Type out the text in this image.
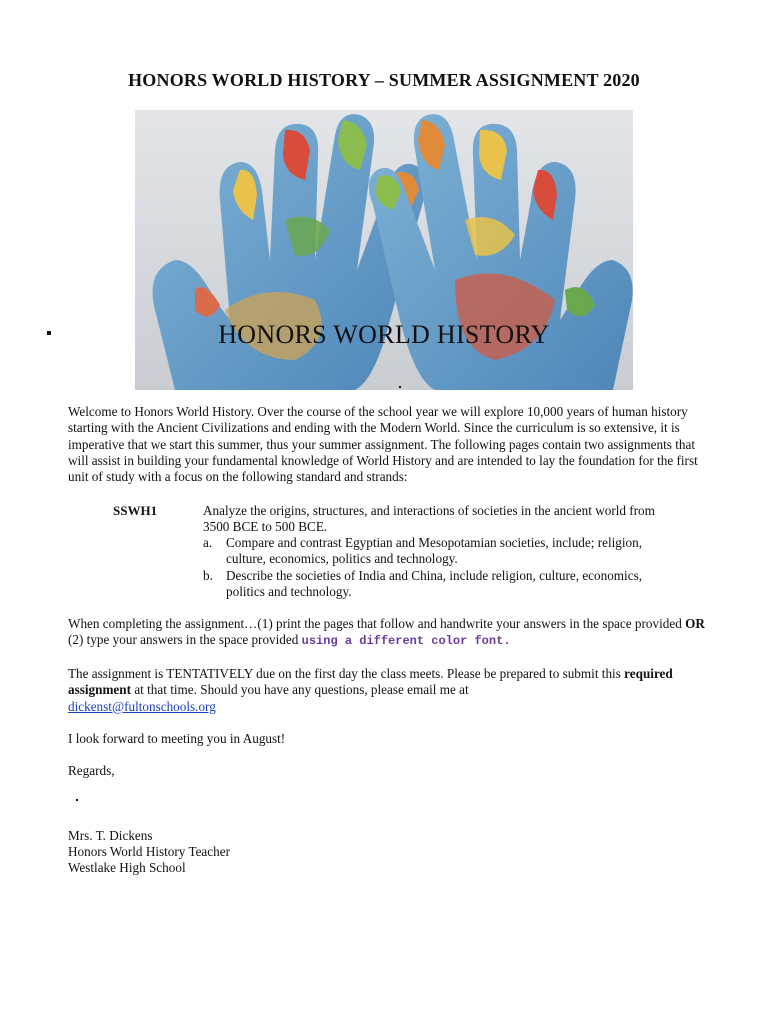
HONORS WORLD HISTORY – SUMMER ASSIGNMENT 2020
HONORS WORLD HISTORY
Welcome to Honors World History. Over the course of the school year we will explore 10,000 years of human history starting with the Ancient Civilizations and ending with the Modern World. Since the curriculum is so extensive, it is imperative that we start this summer, thus your summer assignment. The following pages contain two assignments that will assist in building your fundamental knowledge of World History and are intended to lay the foundation for the first unit of study with a focus on the following standard and strands:
SSWH1	Analyze the origins, structures, and interactions of societies in the ancient world from 3500 BCE to 500 BCE.
a. Compare and contrast Egyptian and Mesopotamian societies, include; religion, culture, economics, politics and technology.
b. Describe the societies of India and China, include religion, culture, economics, politics and technology.
When completing the assignment…(1) print the pages that follow and handwrite your answers in the space provided OR (2) type your answers in the space provided using a different color font.
The assignment is TENTATIVELY due on the first day the class meets. Please be prepared to submit this required assignment at that time. Should you have any questions, please email me at
dickenst@fultonschools.org
I look forward to meeting you in August!
Regards,
Mrs. T. Dickens
Honors World History Teacher
Westlake High School
